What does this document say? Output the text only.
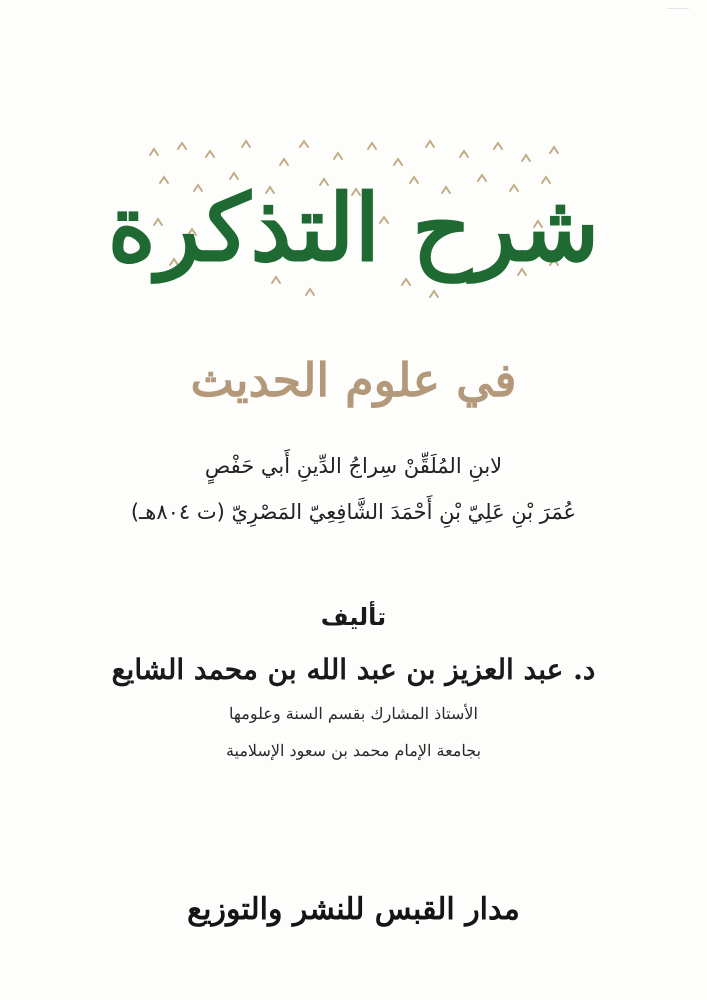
شرح التذكرة
في علوم الحديث
لابنِ المُلَقِّنْ سِراجُ الدِّينِ أَبي حَفْصٍ
عُمَرَ بْنِ عَلِيّ بْنِ أَحْمَدَ الشَّافِعِيّ المَصْرِيّ (ت ٨٠٤هـ)
تأليف
د. عبد العزيز بن عبد الله بن محمد الشايع
الأستاذ المشارك بقسم السنة وعلومها
بجامعة الإمام محمد بن سعود الإسلامية
مدار القبس للنشر والتوزيع
